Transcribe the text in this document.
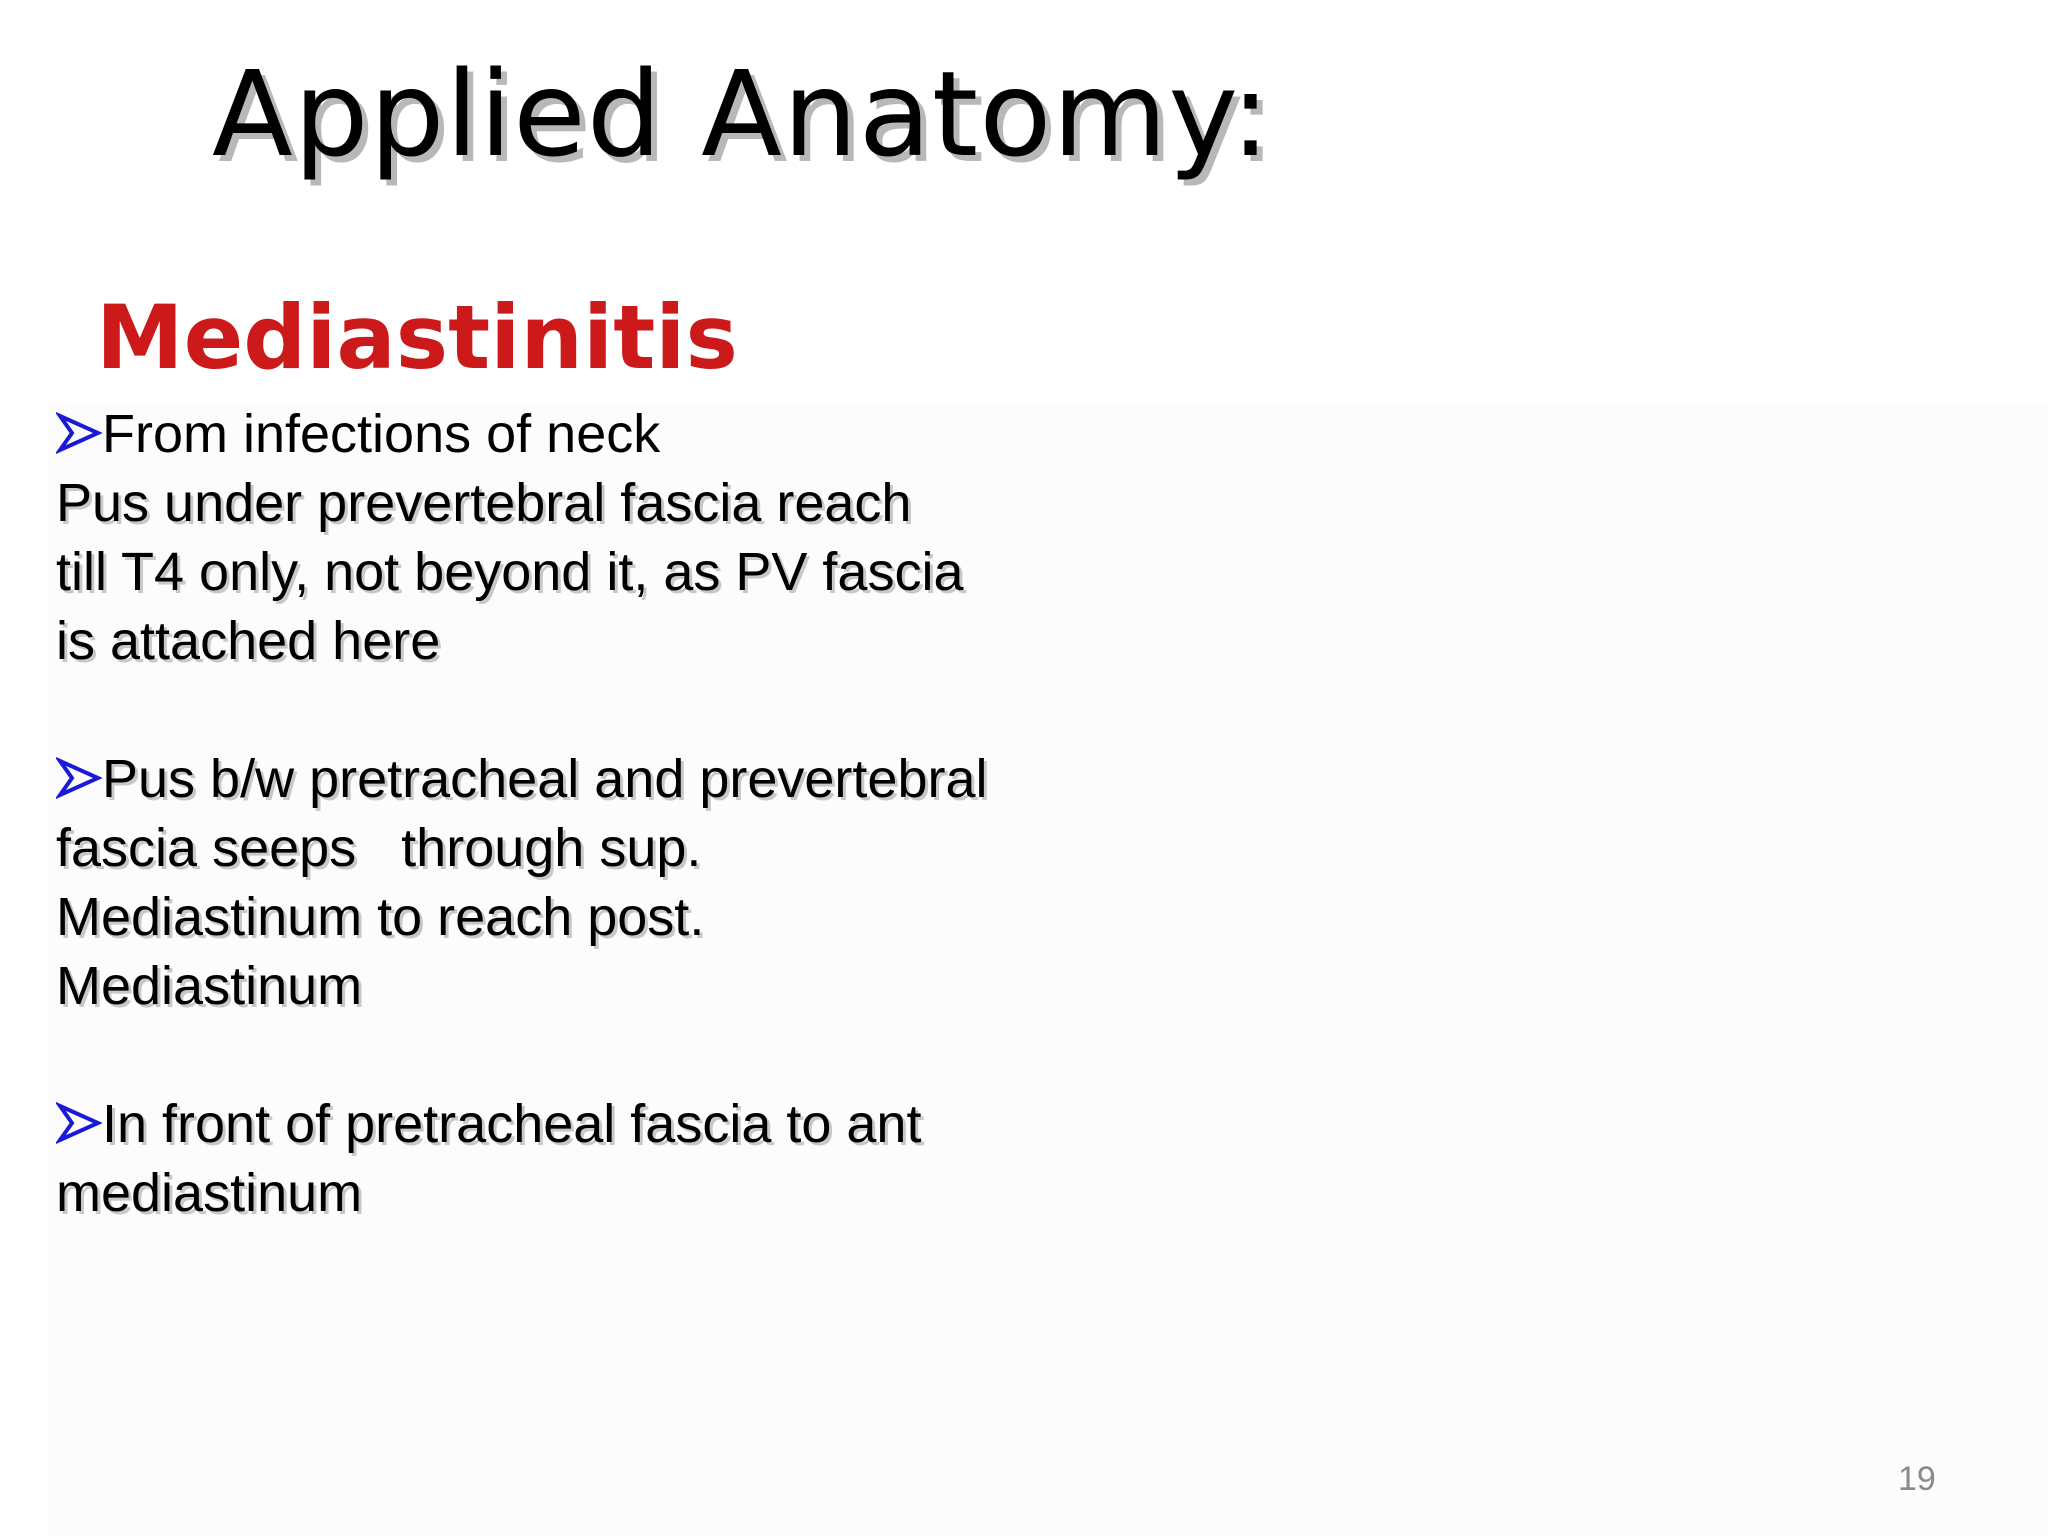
Applied Anatomy:
Mediastinitis
From infections of neck
Pus under prevertebral fascia reach
till T4 only, not beyond it, as PV fascia
is attached here
Pus b/w pretracheal and prevertebral
fascia seeps   through sup.
Mediastinum to reach post.
Mediastinum
In front of pretracheal fascia to ant
mediastinum
19
